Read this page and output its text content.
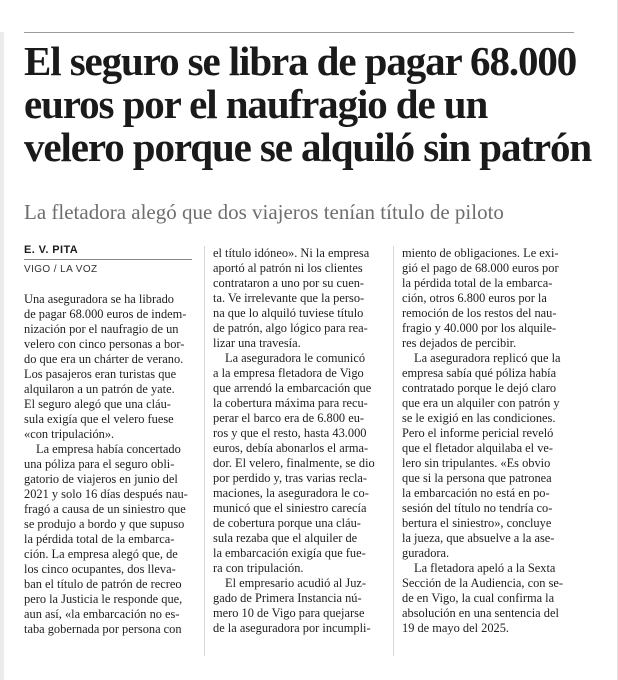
El seguro se libra de pagar 68.000
euros por el naufragio de un
velero porque se alquiló sin patrón

La fletadora alegó que dos viajeros tenían título de piloto

E. V. PITA
VIGO / LA VOZ
Una aseguradora se ha librado
de pagar 68.000 euros de indem-
nización por el naufragio de un
velero con cinco personas a bor-
do que era un chárter de verano.
Los pasajeros eran turistas que
alquilaron a un patrón de yate.
El seguro alegó que una cláu-
sula exigía que el velero fuese
«con tripulación».
La empresa había concertado
una póliza para el seguro obli-
gatorio de viajeros en junio del
2021 y solo 16 días después nau-
fragó a causa de un siniestro que
se produjo a bordo y que supuso
la pérdida total de la embarca-
ción. La empresa alegó que, de
los cinco ocupantes, dos lleva-
ban el título de patrón de recreo
pero la Justicia le responde que,
aun así, «la embarcación no es-
taba gobernada por persona con
el título idóneo». Ni la empresa
aportó al patrón ni los clientes
contrataron a uno por su cuen-
ta. Ve irrelevante que la perso-
na que lo alquiló tuviese título
de patrón, algo lógico para rea-
lizar una travesía.
La aseguradora le comunicó
a la empresa fletadora de Vigo
que arrendó la embarcación que
la cobertura máxima para recu-
perar el barco era de 6.800 eu-
ros y que el resto, hasta 43.000
euros, debía abonarlos el arma-
dor. El velero, finalmente, se dio
por perdido y, tras varias recla-
maciones, la aseguradora le co-
municó que el siniestro carecía
de cobertura porque una cláu-
sula rezaba que el alquiler de
la embarcación exigía que fue-
ra con tripulación.
El empresario acudió al Juz-
gado de Primera Instancia nú-
mero 10 de Vigo para quejarse
de la aseguradora por incumpli-
miento de obligaciones. Le exi-
gió el pago de 68.000 euros por
la pérdida total de la embarca-
ción, otros 6.800 euros por la
remoción de los restos del nau-
fragio y 40.000 por los alquile-
res dejados de percibir.
La aseguradora replicó que la
empresa sabía qué póliza había
contratado porque le dejó claro
que era un alquiler con patrón y
se le exigió en las condiciones.
Pero el informe pericial reveló
que el fletador alquilaba el ve-
lero sin tripulantes. «Es obvio
que si la persona que patronea
la embarcación no está en po-
sesión del título no tendría co-
bertura el siniestro», concluye
la jueza, que absuelve a la ase-
guradora.
La fletadora apeló a la Sexta
Sección de la Audiencia, con se-
de en Vigo, la cual confirma la
absolución en una sentencia del
19 de mayo del 2025.
